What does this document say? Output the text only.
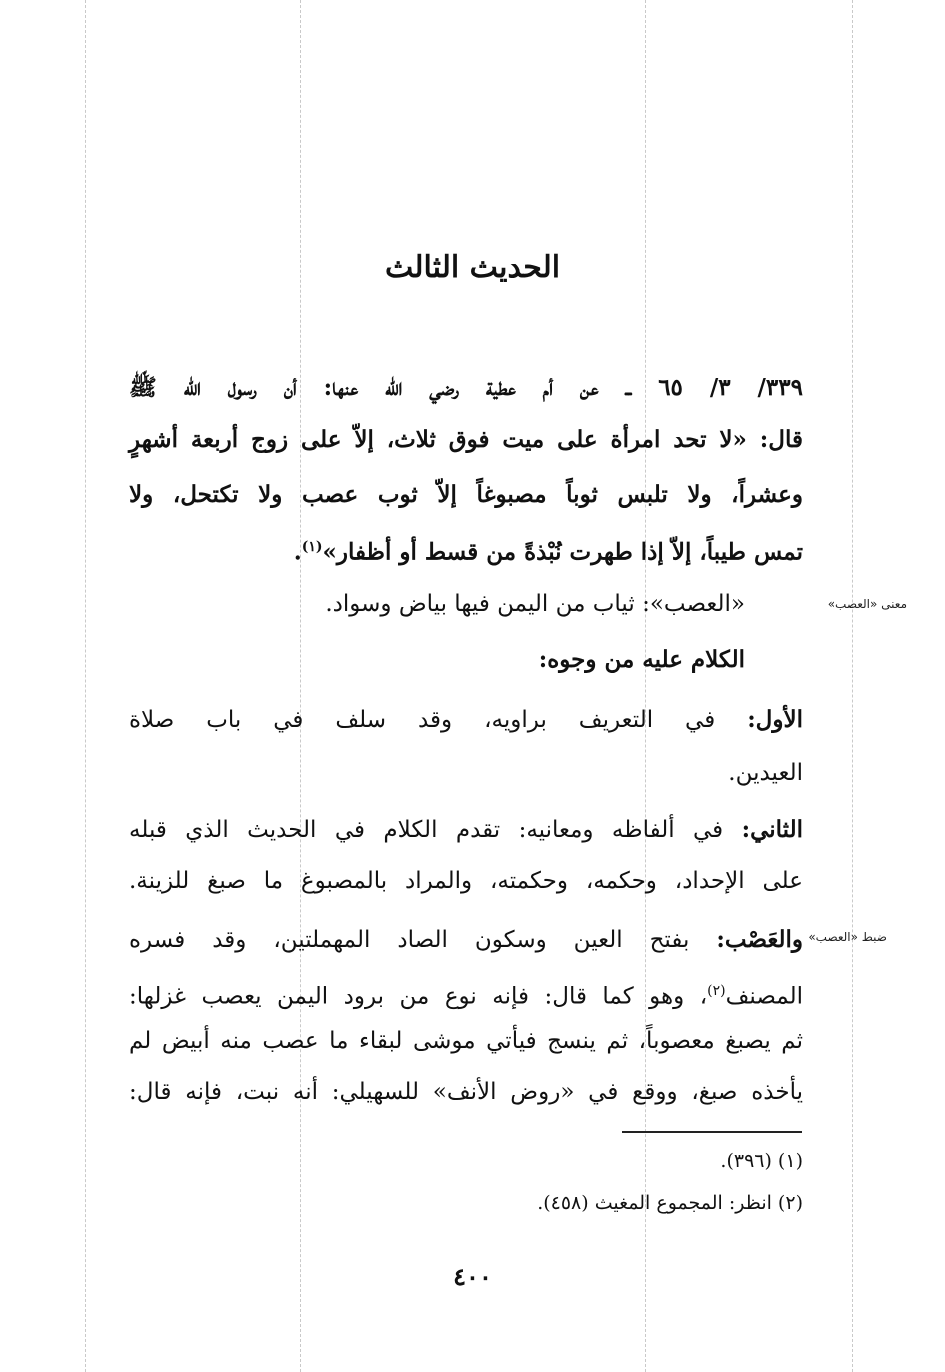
الحديث الثالث
٣٣٩/ ٣/ ٦٥ ــ عن أم عطية رضي الله عنها: أن رسول الله ﷺ
قال: «لا تحد امرأة على ميت فوق ثلاث، إلاّ على زوج أربعة أشهرٍ
وعشراً، ولا تلبس ثوباً مصبوغاً إلاّ ثوب عصب ولا تكتحل، ولا
تمس طيباً، إلاّ إذا طهرت نُبْذةً من قسط أو أظفار»$^{(١)}$.
معنى «العصب»
«العصب»: ثياب من اليمن فيها بياض وسواد.
الكلام عليه من وجوه:
الأول: في التعريف براويه، وقد سلف في باب صلاة
العيدين.
الثاني: في ألفاظه ومعانيه: تقدم الكلام في الحديث الذي قبله
على الإحداد، وحكمه، وحكمته، والمراد بالمصبوغ ما صبغ للزينة.
ضبط «العصب»
والعَصْب: بفتح العين وسكون الصاد المهملتين، وقد فسره
المصنف$^{(٢)}$، وهو كما قال: فإنه نوع من برود اليمن يعصب غزلها:
ثم يصبغ معصوباً، ثم ينسج فيأتي موشى لبقاء ما عصب منه أبيض لم
يأخذه صبغ، ووقع في «روض الأنف» للسهيلي: أنه نبت، فإنه قال:
(١) (٣٩٦).
(٢) انظر: المجموع المغيث (٤٥٨).
٤٠٠
